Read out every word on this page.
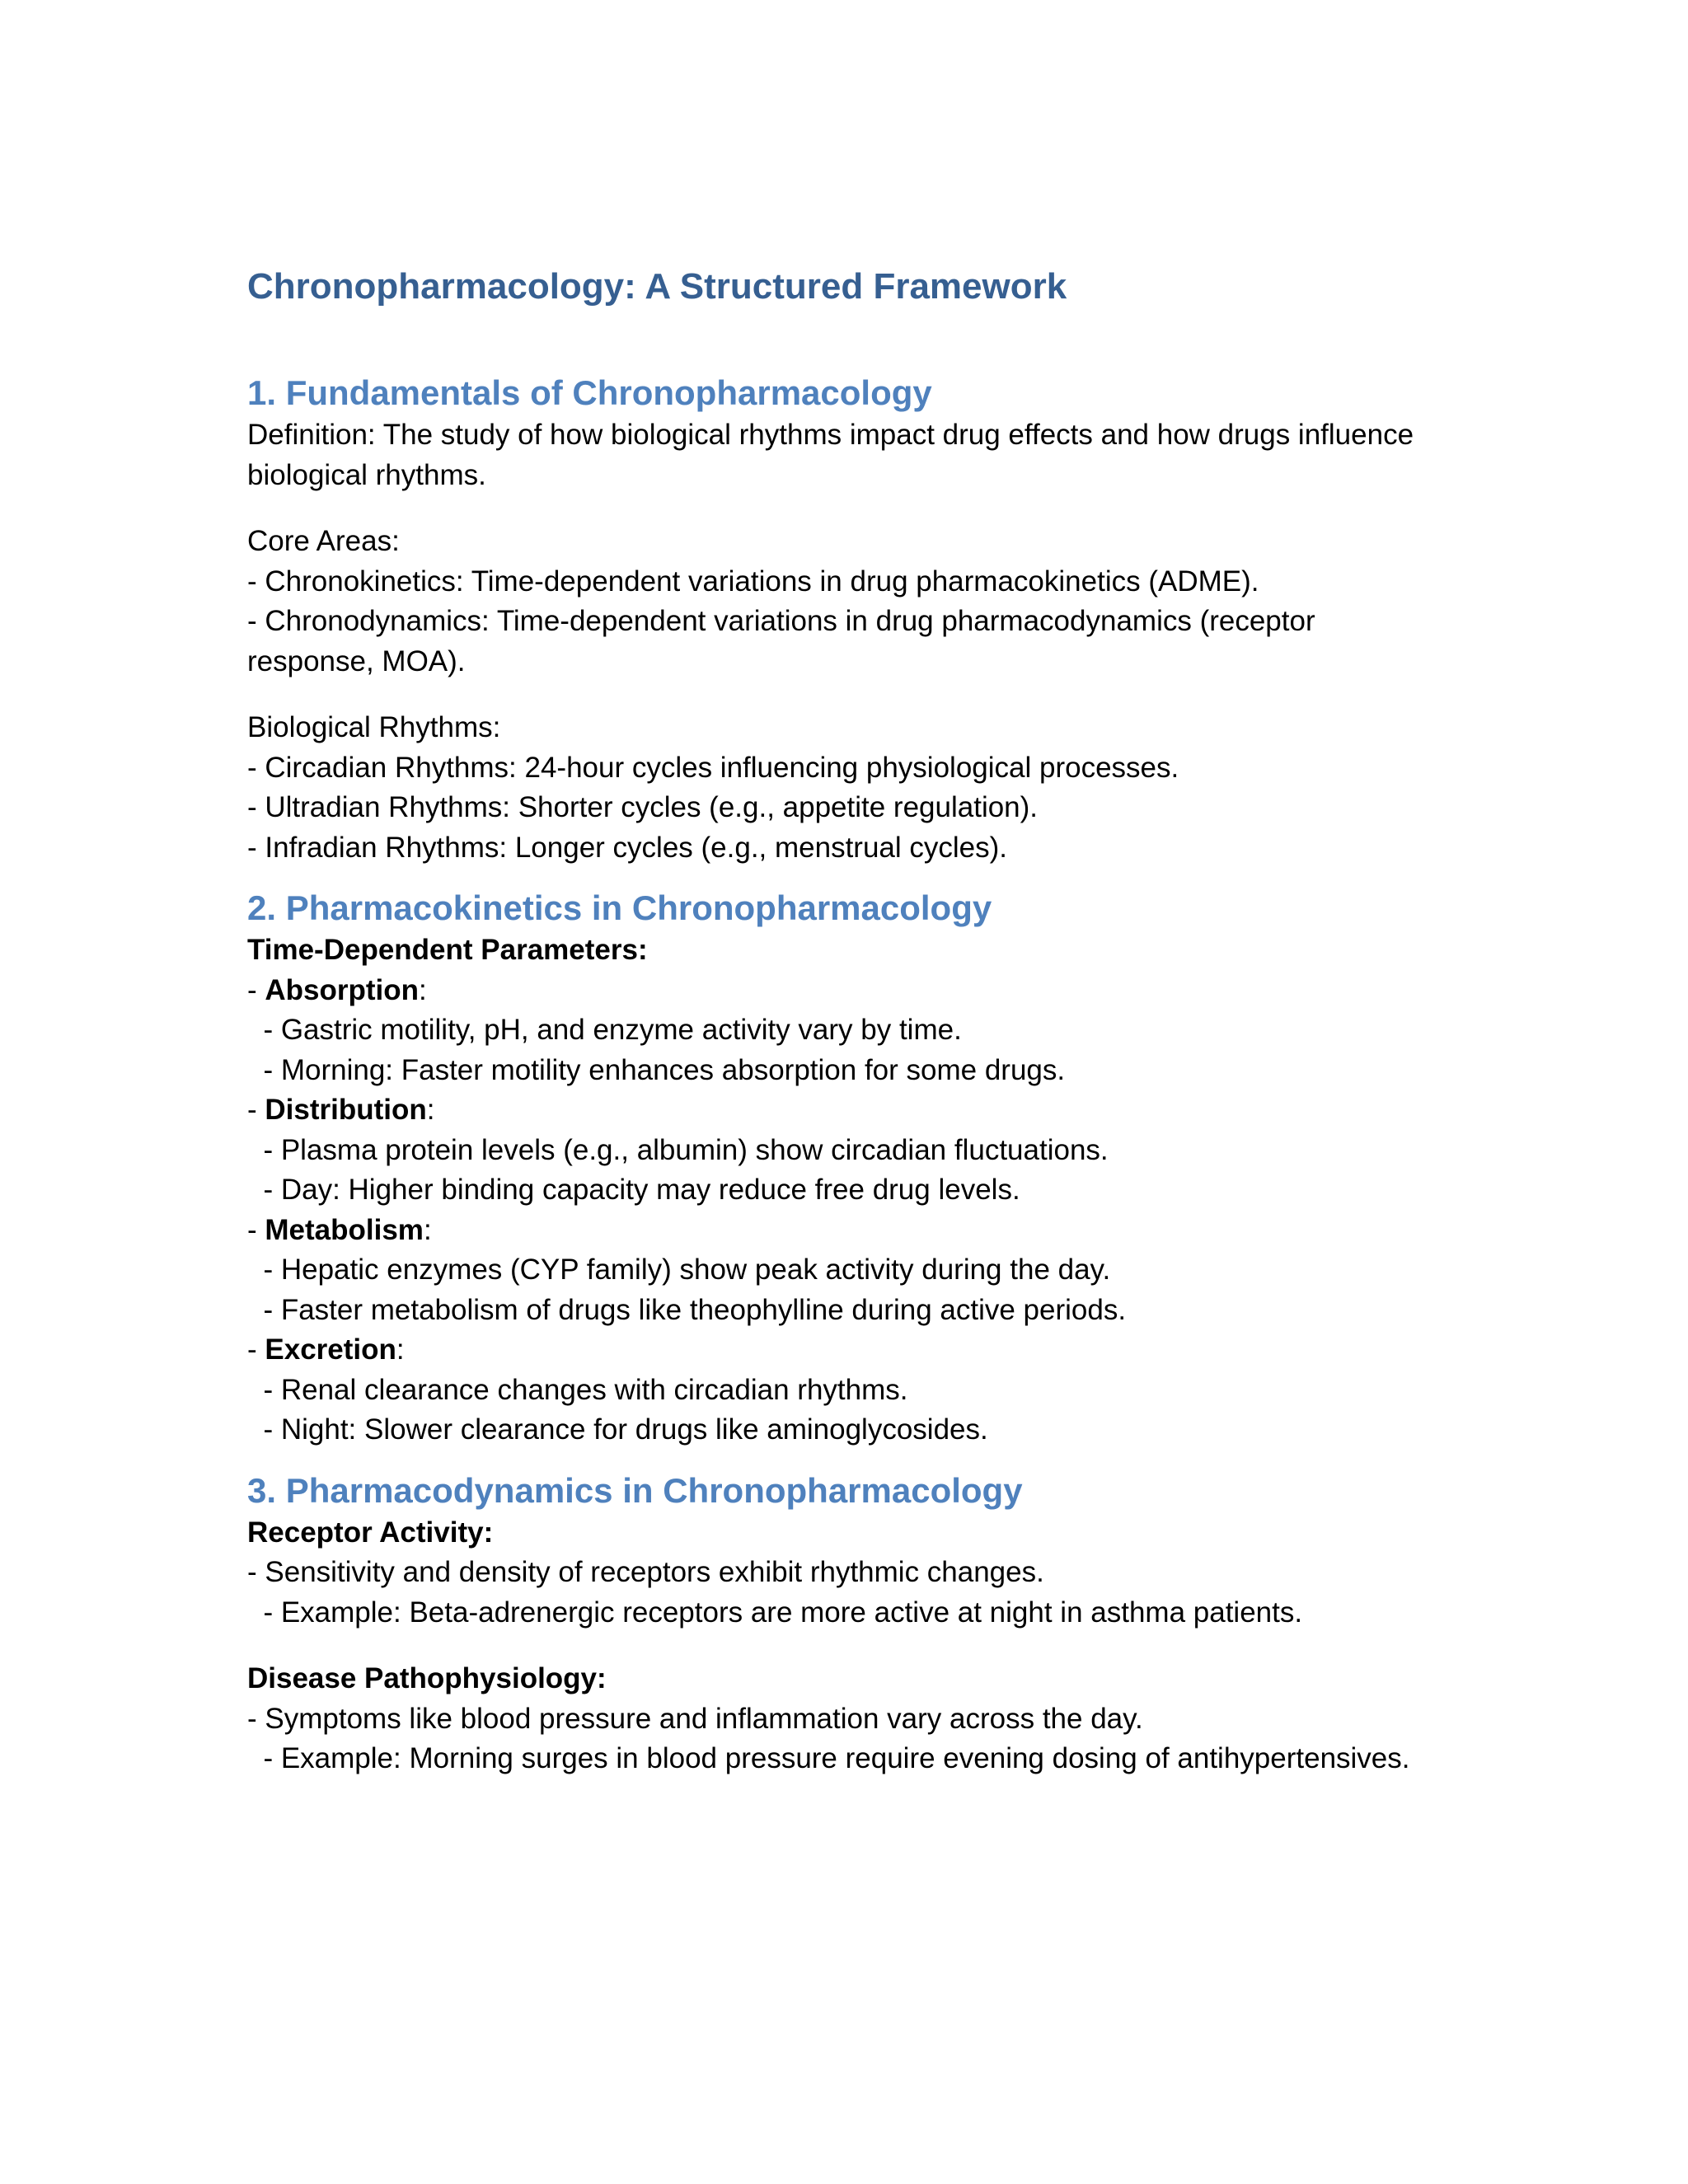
Chronopharmacology: A Structured Framework
1. Fundamentals of Chronopharmacology

Definition: The study of how biological rhythms impact drug effects and how drugs influence biological rhythms.

Core Areas:

- Chronokinetics: Time-dependent variations in drug pharmacokinetics (ADME).

- Chronodynamics: Time-dependent variations in drug pharmacodynamics (receptor response, MOA).

Biological Rhythms:

- Circadian Rhythms: 24-hour cycles influencing physiological processes.

- Ultradian Rhythms: Shorter cycles (e.g., appetite regulation).

- Infradian Rhythms: Longer cycles (e.g., menstrual cycles).

2. Pharmacokinetics in Chronopharmacology

Time-Dependent Parameters:

- Absorption:

- Gastric motility, pH, and enzyme activity vary by time.

- Morning: Faster motility enhances absorption for some drugs.

- Distribution:

- Plasma protein levels (e.g., albumin) show circadian fluctuations.

- Day: Higher binding capacity may reduce free drug levels.

- Metabolism:

- Hepatic enzymes (CYP family) show peak activity during the day.

- Faster metabolism of drugs like theophylline during active periods.

- Excretion:

- Renal clearance changes with circadian rhythms.

- Night: Slower clearance for drugs like aminoglycosides.

3. Pharmacodynamics in Chronopharmacology

Receptor Activity:

- Sensitivity and density of receptors exhibit rhythmic changes.

- Example: Beta-adrenergic receptors are more active at night in asthma patients.

Disease Pathophysiology:

- Symptoms like blood pressure and inflammation vary across the day.

- Example: Morning surges in blood pressure require evening dosing of antihypertensives.
